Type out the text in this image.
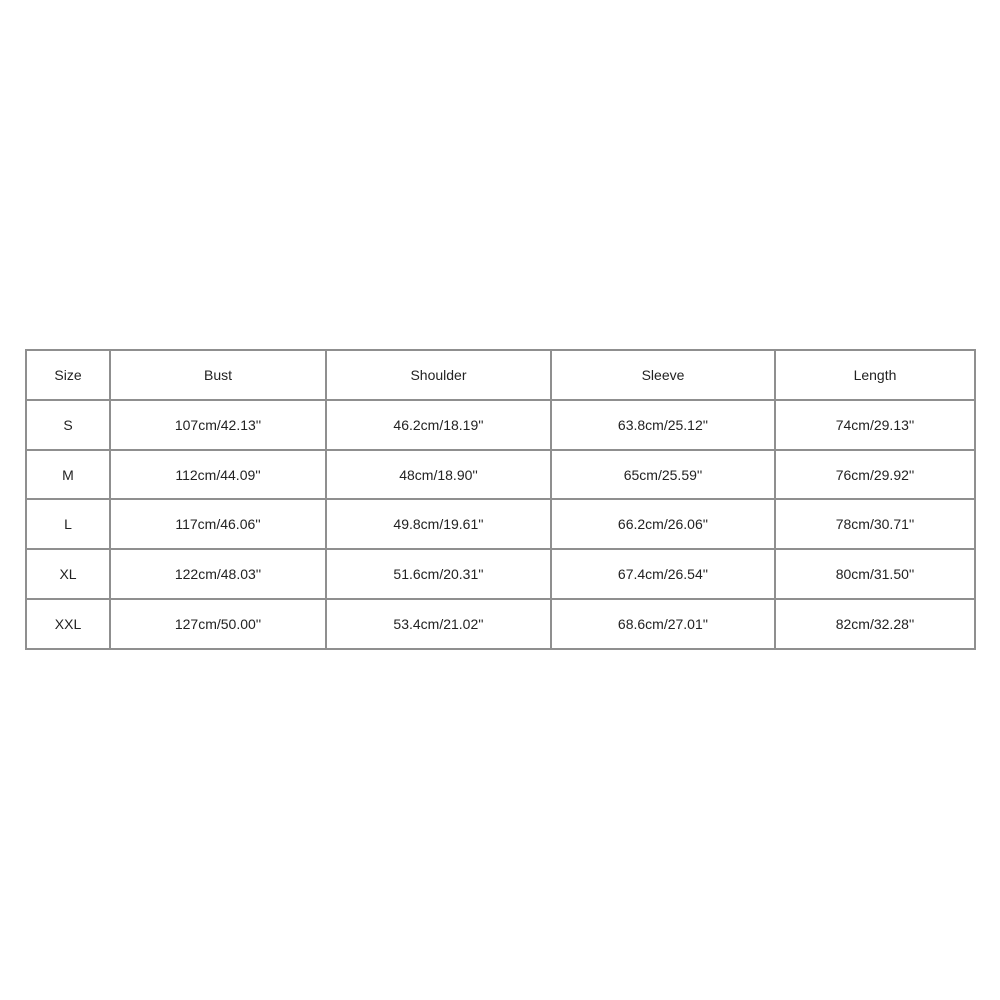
Size	Bust	Shoulder	Sleeve	Length
S	107cm/42.13''	46.2cm/18.19''	63.8cm/25.12''	74cm/29.13''
M	112cm/44.09''	48cm/18.90''	65cm/25.59''	76cm/29.92''
L	117cm/46.06''	49.8cm/19.61''	66.2cm/26.06''	78cm/30.71''
XL	122cm/48.03''	51.6cm/20.31''	67.4cm/26.54''	80cm/31.50''
XXL	127cm/50.00''	53.4cm/21.02''	68.6cm/27.01''	82cm/32.28''
